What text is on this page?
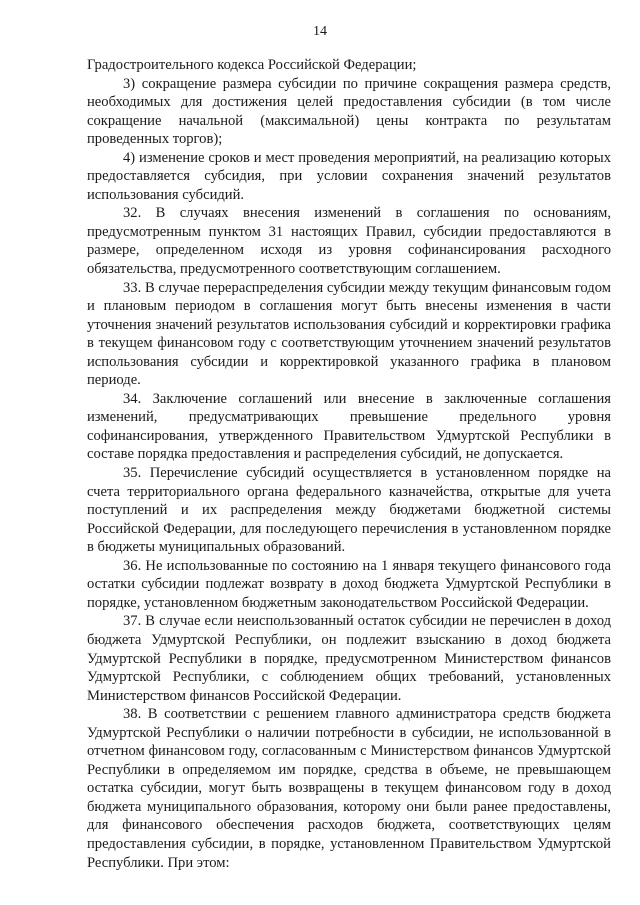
14

Градостроительного кодекса Российской Федерации;

3) сокращение размера субсидии по причине сокращения размера средств, необходимых для достижения целей предоставления субсидии (в том числе сокращение начальной (максимальной) цены контракта по результатам проведенных торгов);

4) изменение сроков и мест проведения мероприятий, на реализацию которых предоставляется субсидия, при условии сохранения значений результатов использования субсидий.

32. В случаях внесения изменений в соглашения по основаниям, предусмотренным пунктом 31 настоящих Правил, субсидии предоставляются в размере, определенном исходя из уровня софинансирования расходного обязательства, предусмотренного соответствующим соглашением.

33. В случае перераспределения субсидии между текущим финансовым годом и плановым периодом в соглашения могут быть внесены изменения в части уточнения значений результатов использования субсидий и корректировки графика в текущем финансовом году с соответствующим уточнением значений результатов использования субсидии и корректировкой указанного графика в плановом периоде.

34. Заключение соглашений или внесение в заключенные соглашения изменений, предусматривающих превышение предельного уровня софинансирования, утвержденного Правительством Удмуртской Республики в составе порядка предоставления и распределения субсидий, не допускается.

35. Перечисление субсидий осуществляется в установленном порядке на счета территориального органа федерального казначейства, открытые для учета поступлений и их распределения между бюджетами бюджетной системы Российской Федерации, для последующего перечисления в установленном порядке в бюджеты муниципальных образований.

36. Не использованные по состоянию на 1 января текущего финансового года остатки субсидии подлежат возврату в доход бюджета Удмуртской Республики в порядке, установленном бюджетным законодательством Российской Федерации.

37. В случае если неиспользованный остаток субсидии не перечислен в доход бюджета Удмуртской Республики, он подлежит взысканию в доход бюджета Удмуртской Республики в порядке, предусмотренном Министерством финансов Удмуртской Республики, с соблюдением общих требований, установленных Министерством финансов Российской Федерации.

38. В соответствии с решением главного администратора средств бюджета Удмуртской Республики о наличии потребности в субсидии, не использованной в отчетном финансовом году, согласованным с Министерством финансов Удмуртской Республики в определяемом им порядке, средства в объеме, не превышающем остатка субсидии, могут быть возвращены в текущем финансовом году в доход бюджета муниципального образования, которому они были ранее предоставлены, для финансового обеспечения расходов бюджета, соответствующих целям предоставления субсидии, в порядке, установленном Правительством Удмуртской Республики. При этом:
